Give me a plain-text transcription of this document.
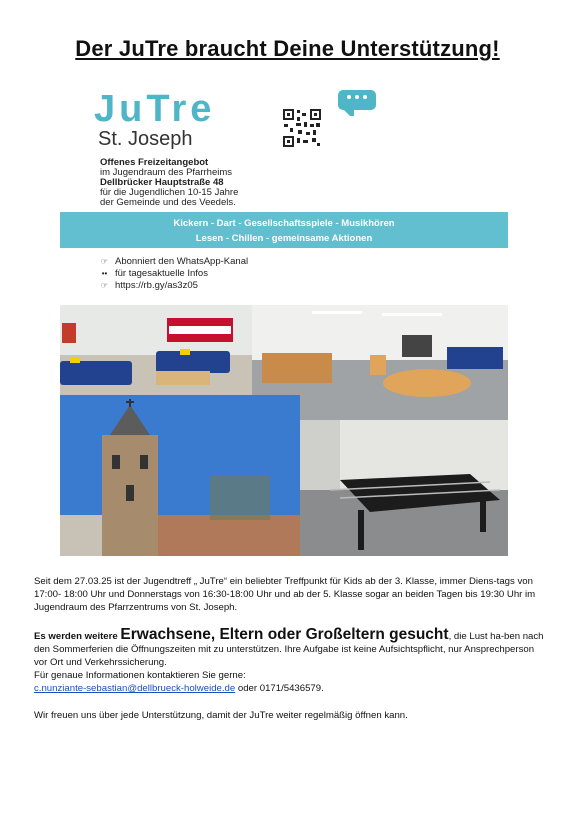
Der JuTre braucht Deine Unterstützung!
JuTre
St. Joseph
Offenes Freizeitangebot
im Jugendraum des Pfarrheims
Dellbrücker Hauptstraße 48
für die Jugendlichen 10-15 Jahre
der Gemeinde und des Veedels.
Kickern - Dart - Gesellschaftsspiele - Musikhören
Lesen - Chillen - gemeinsame Aktionen
☞ Abonniert den WhatsApp-Kanal
•• für tagesaktuelle Infos
☞ https://rb.gy/as3z05

Seit dem 27.03.25 ist der Jugendtreff „ JuTre“ ein beliebter Treffpunkt für Kids ab der 3. Klasse, immer Diens-tags von 17:00- 18:00 Uhr und Donnerstags von 16:30-18:00 Uhr und ab der 5. Klasse sogar an beiden Tagen bis 19:30 Uhr im Jugendraum des Pfarrzentrums von St. Joseph.

Es werden weitere Erwachsene, Eltern oder Großeltern gesucht, die Lust ha-ben nach den Sommerferien die Öffnungszeiten mit zu unterstützen. Ihre Aufgabe ist keine Aufsichtspflicht, nur Ansprechperson vor Ort und Verkehrssicherung.

Für genaue Informationen kontaktieren Sie gerne:

c.nunziante-sebastian@dellbrueck-holweide.de oder 0171/5436579.

Wir freuen uns über jede Unterstützung, damit der JuTre weiter regelmäßig öffnen kann.
